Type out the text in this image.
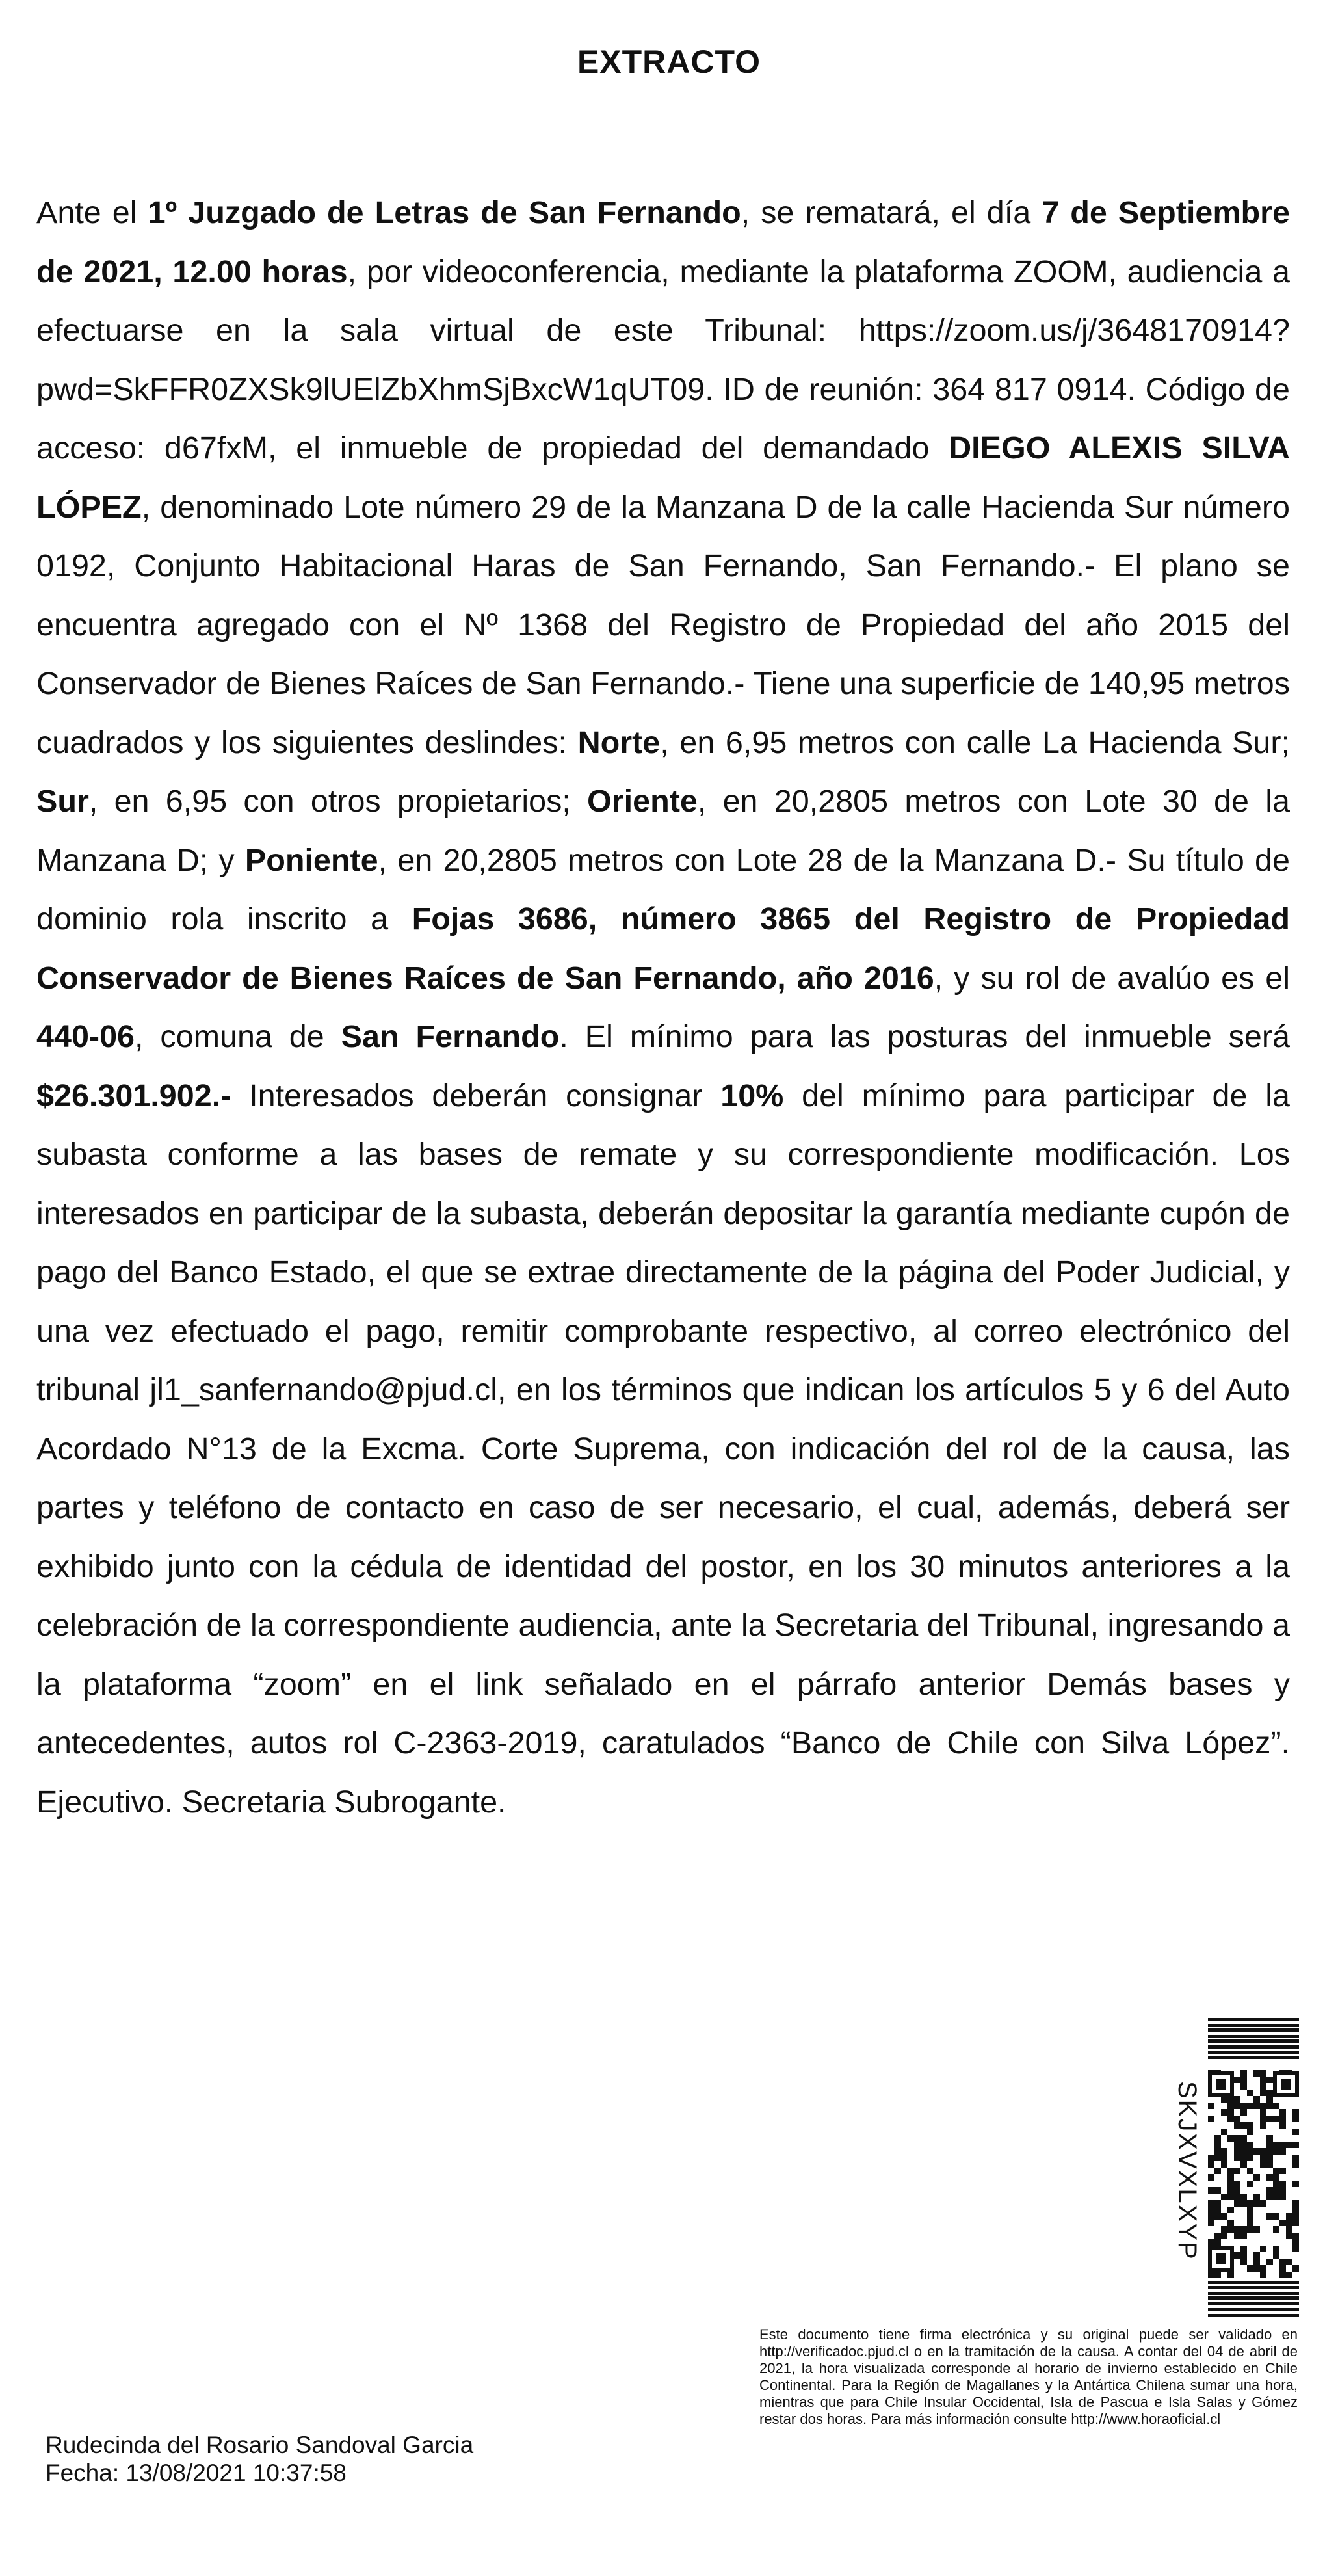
EXTRACTO
Ante el 1º Juzgado de Letras de San Fernando, se rematará, el día 7 de Septiembre de 2021, 12.00 horas, por videoconferencia, mediante la plataforma ZOOM, audiencia a efectuarse en la sala virtual de este Tribunal: https://zoom.us/j/3648170914?pwd=SkFFR0ZXSk9lUElZbXhmSjBxcW1qUT09. ID de reunión: 364 817 0914. Código de acceso: d67fxM, el inmueble de propiedad del demandado DIEGO ALEXIS SILVA LÓPEZ, denominado Lote número 29 de la Manzana D de la calle Hacienda Sur número 0192, Conjunto Habitacional Haras de San Fernando, San Fernando.- El plano se encuentra agregado con el Nº 1368 del Registro de Propiedad del año 2015 del Conservador de Bienes Raíces de San Fernando.- Tiene una superficie de 140,95 metros cuadrados y los siguientes deslindes: Norte, en 6,95 metros con calle La Hacienda Sur; Sur, en 6,95 con otros propietarios; Oriente, en 20,2805 metros con Lote 30 de la Manzana D; y Poniente, en 20,2805 metros con Lote 28 de la Manzana D.- Su título de dominio rola inscrito a Fojas 3686, número 3865 del Registro de Propiedad Conservador de Bienes Raíces de San Fernando, año 2016, y su rol de avalúo es el 440-06, comuna de San Fernando. El mínimo para las posturas del inmueble será $26.301.902.- Interesados deberán consignar 10% del mínimo para participar de la subasta conforme a las bases de remate y su correspondiente modificación. Los interesados en participar de la subasta, deberán depositar la garantía mediante cupón de pago del Banco Estado, el que se extrae directamente de la página del Poder Judicial, y una vez efectuado el pago, remitir comprobante respectivo, al correo electrónico del tribunal jl1_sanfernando@pjud.cl, en los términos que indican los artículos 5 y 6 del Auto Acordado N°13 de la Excma. Corte Suprema, con indicación del rol de la causa, las partes y teléfono de contacto en caso de ser necesario, el cual, además, deberá ser exhibido junto con la cédula de identidad del postor, en los 30 minutos anteriores a la celebración de la correspondiente audiencia, ante la Secretaria del Tribunal, ingresando a la plataforma “zoom” en el link señalado en el párrafo anterior Demás bases y antecedentes, autos rol C-2363-2019, caratulados “Banco de Chile con Silva López”. Ejecutivo. Secretaria Subrogante.
SKJXVXLXYP
Este documento tiene firma electrónica y su original puede ser validado en http://verificadoc.pjud.cl o en la tramitación de la causa. A contar del 04 de abril de 2021, la hora visualizada corresponde al horario de invierno establecido en Chile Continental. Para la Región de Magallanes y la Antártica Chilena sumar una hora, mientras que para Chile Insular Occidental, Isla de Pascua e Isla Salas y Gómez restar dos horas. Para más información consulte http://www.horaoficial.cl
Rudecinda del Rosario Sandoval Garcia
Fecha: 13/08/2021 10:37:58
